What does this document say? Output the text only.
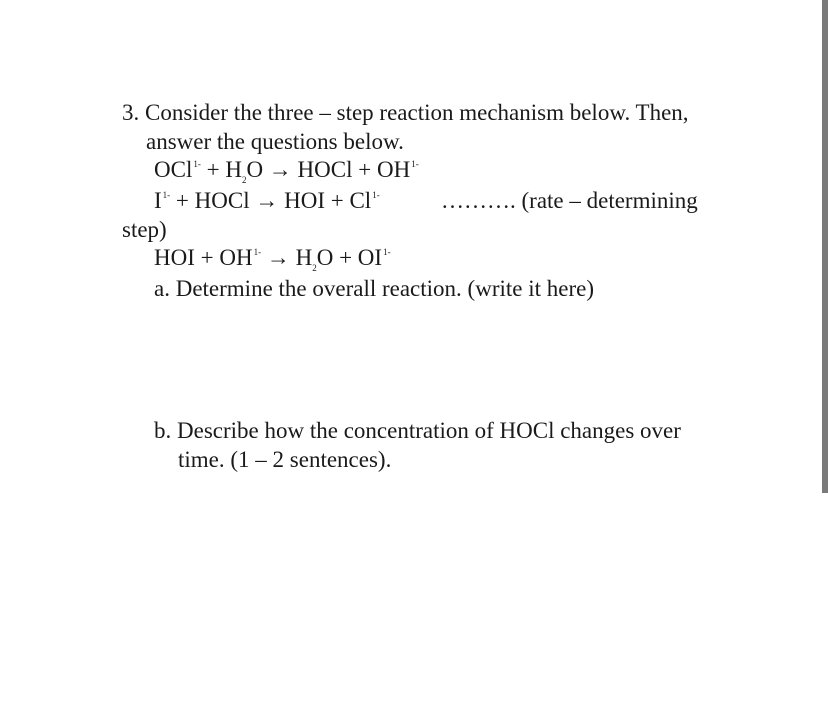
3. Consider the three – step reaction mechanism below. Then,
answer the questions below.
$OCl^{1-} + H_2O$ → HOCl + $OH^{1-}$
$I^{1-}$ + HOCl → HOI + $Cl^{1-}$	………. (rate – determining
step)
HOI + $OH^{1-} \to H_2O + OI^{1-}$
a. Determine the overall reaction. (write it here)
b. Describe how the concentration of HOCl changes over
time. (1 – 2 sentences).
